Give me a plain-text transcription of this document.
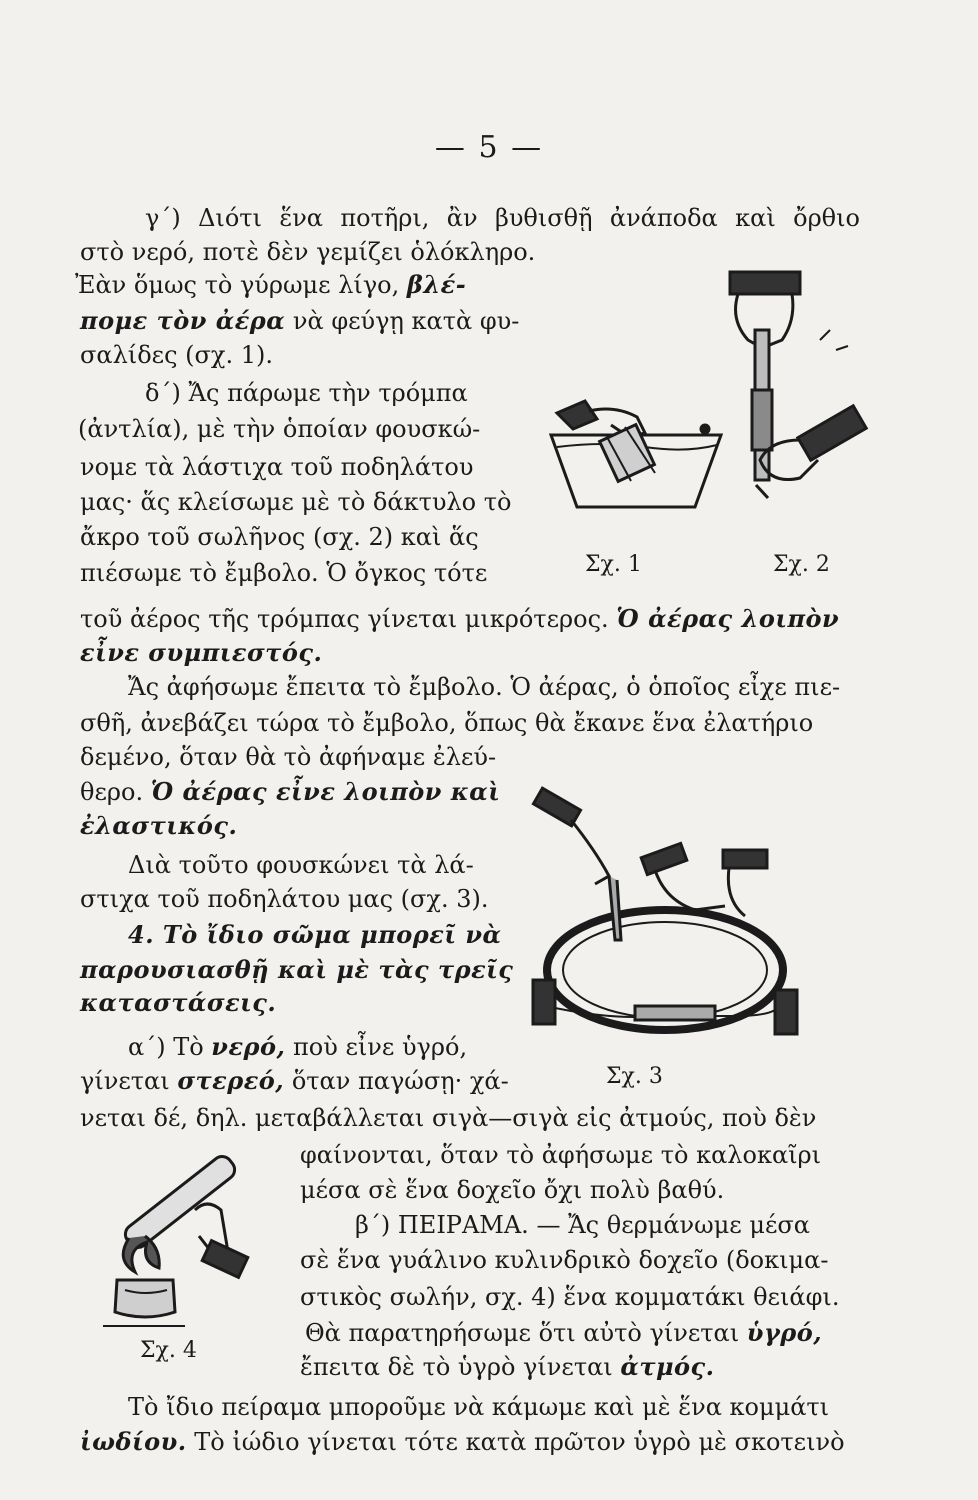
— 5 —
γ΄) Διότι ἕνα ποτῆρι, ἂν βυθισθῇ ἀνάποδα καὶ ὄρθιο
στὸ νερό, ποτὲ δὲν γεμίζει ὁλόκληρο.
Ἐὰν ὅμως τὸ γύρωμε λίγο, βλέ-
πομε τὸν ἀέρα νὰ φεύγῃ κατὰ φυ-
σαλίδες (σχ. 1).
δ΄) Ἄς πάρωμε τὴν τρόμπα
(ἀντλία), μὲ τὴν ὁποίαν φουσκώ-
νομε τὰ λάστιχα τοῦ ποδηλάτου
μας· ἅς κλείσωμε μὲ τὸ δάκτυλο τὸ
ἄκρο τοῦ σωλῆνος (σχ. 2) καὶ ἅς
πιέσωμε τὸ ἔμβολο. Ὁ ὄγκος τότε	Σχ. 1	Σχ. 2
τοῦ ἀέρος τῆς τρόμπας γίνεται μικρότερος. Ὁ ἀέρας λοιπὸν
εἶνε συμπιεστός.
Ἄς ἀφήσωμε ἔπειτα τὸ ἔμβολο. Ὁ ἀέρας, ὁ ὁποῖος εἶχε πιε-
σθῆ, ἀνεβάζει τώρα τὸ ἔμβολο, ὅπως θὰ ἔκανε ἕνα ἐλατήριο
δεμένο, ὅταν θὰ τὸ ἀφήναμε ἐλεύ-
θερο. Ὁ ἀέρας εἶνε λοιπὸν καὶ
ἐλαστικός.
Διὰ τοῦτο φουσκώνει τὰ λά-
στιχα τοῦ ποδηλάτου μας (σχ. 3).
4. Τὸ ἴδιο σῶμα μπορεῖ νὰ
παρουσιασθῇ καὶ μὲ τὰς τρεῖς
καταστάσεις.
α΄) Τὸ νερό, ποὺ εἶνε ὑγρό,
γίνεται στερεό, ὅταν παγώσῃ· χά-	Σχ. 3
νεται δέ, δηλ. μεταβάλλεται σιγὰ—σιγὰ εἰς ἀτμούς, ποὺ δὲν
φαίνονται, ὅταν τὸ ἀφήσωμε τὸ καλοκαῖρι
μέσα σὲ ἕνα δοχεῖο ὄχι πολὺ βαθύ.
β΄) ΠΕΙΡΑΜΑ. — Ἄς θερμάνωμε μέσα
σὲ ἕνα γυάλινο κυλινδρικὸ δοχεῖο (δοκιμα-
στικὸς σωλήν, σχ. 4) ἕνα κομματάκι θειάφι.
Θὰ παρατηρήσωμε ὅτι αὐτὸ γίνεται ὑγρό,
ἔπειτα δὲ τὸ ὑγρὸ γίνεται ἀτμός.
Σχ. 4
Τὸ ἴδιο πείραμα μποροῦμε νὰ κάμωμε καὶ μὲ ἕνα κομμάτι
ἰωδίου. Τὸ ἰώδιο γίνεται τότε κατὰ πρῶτον ὑγρὸ μὲ σκοτεινὸ
